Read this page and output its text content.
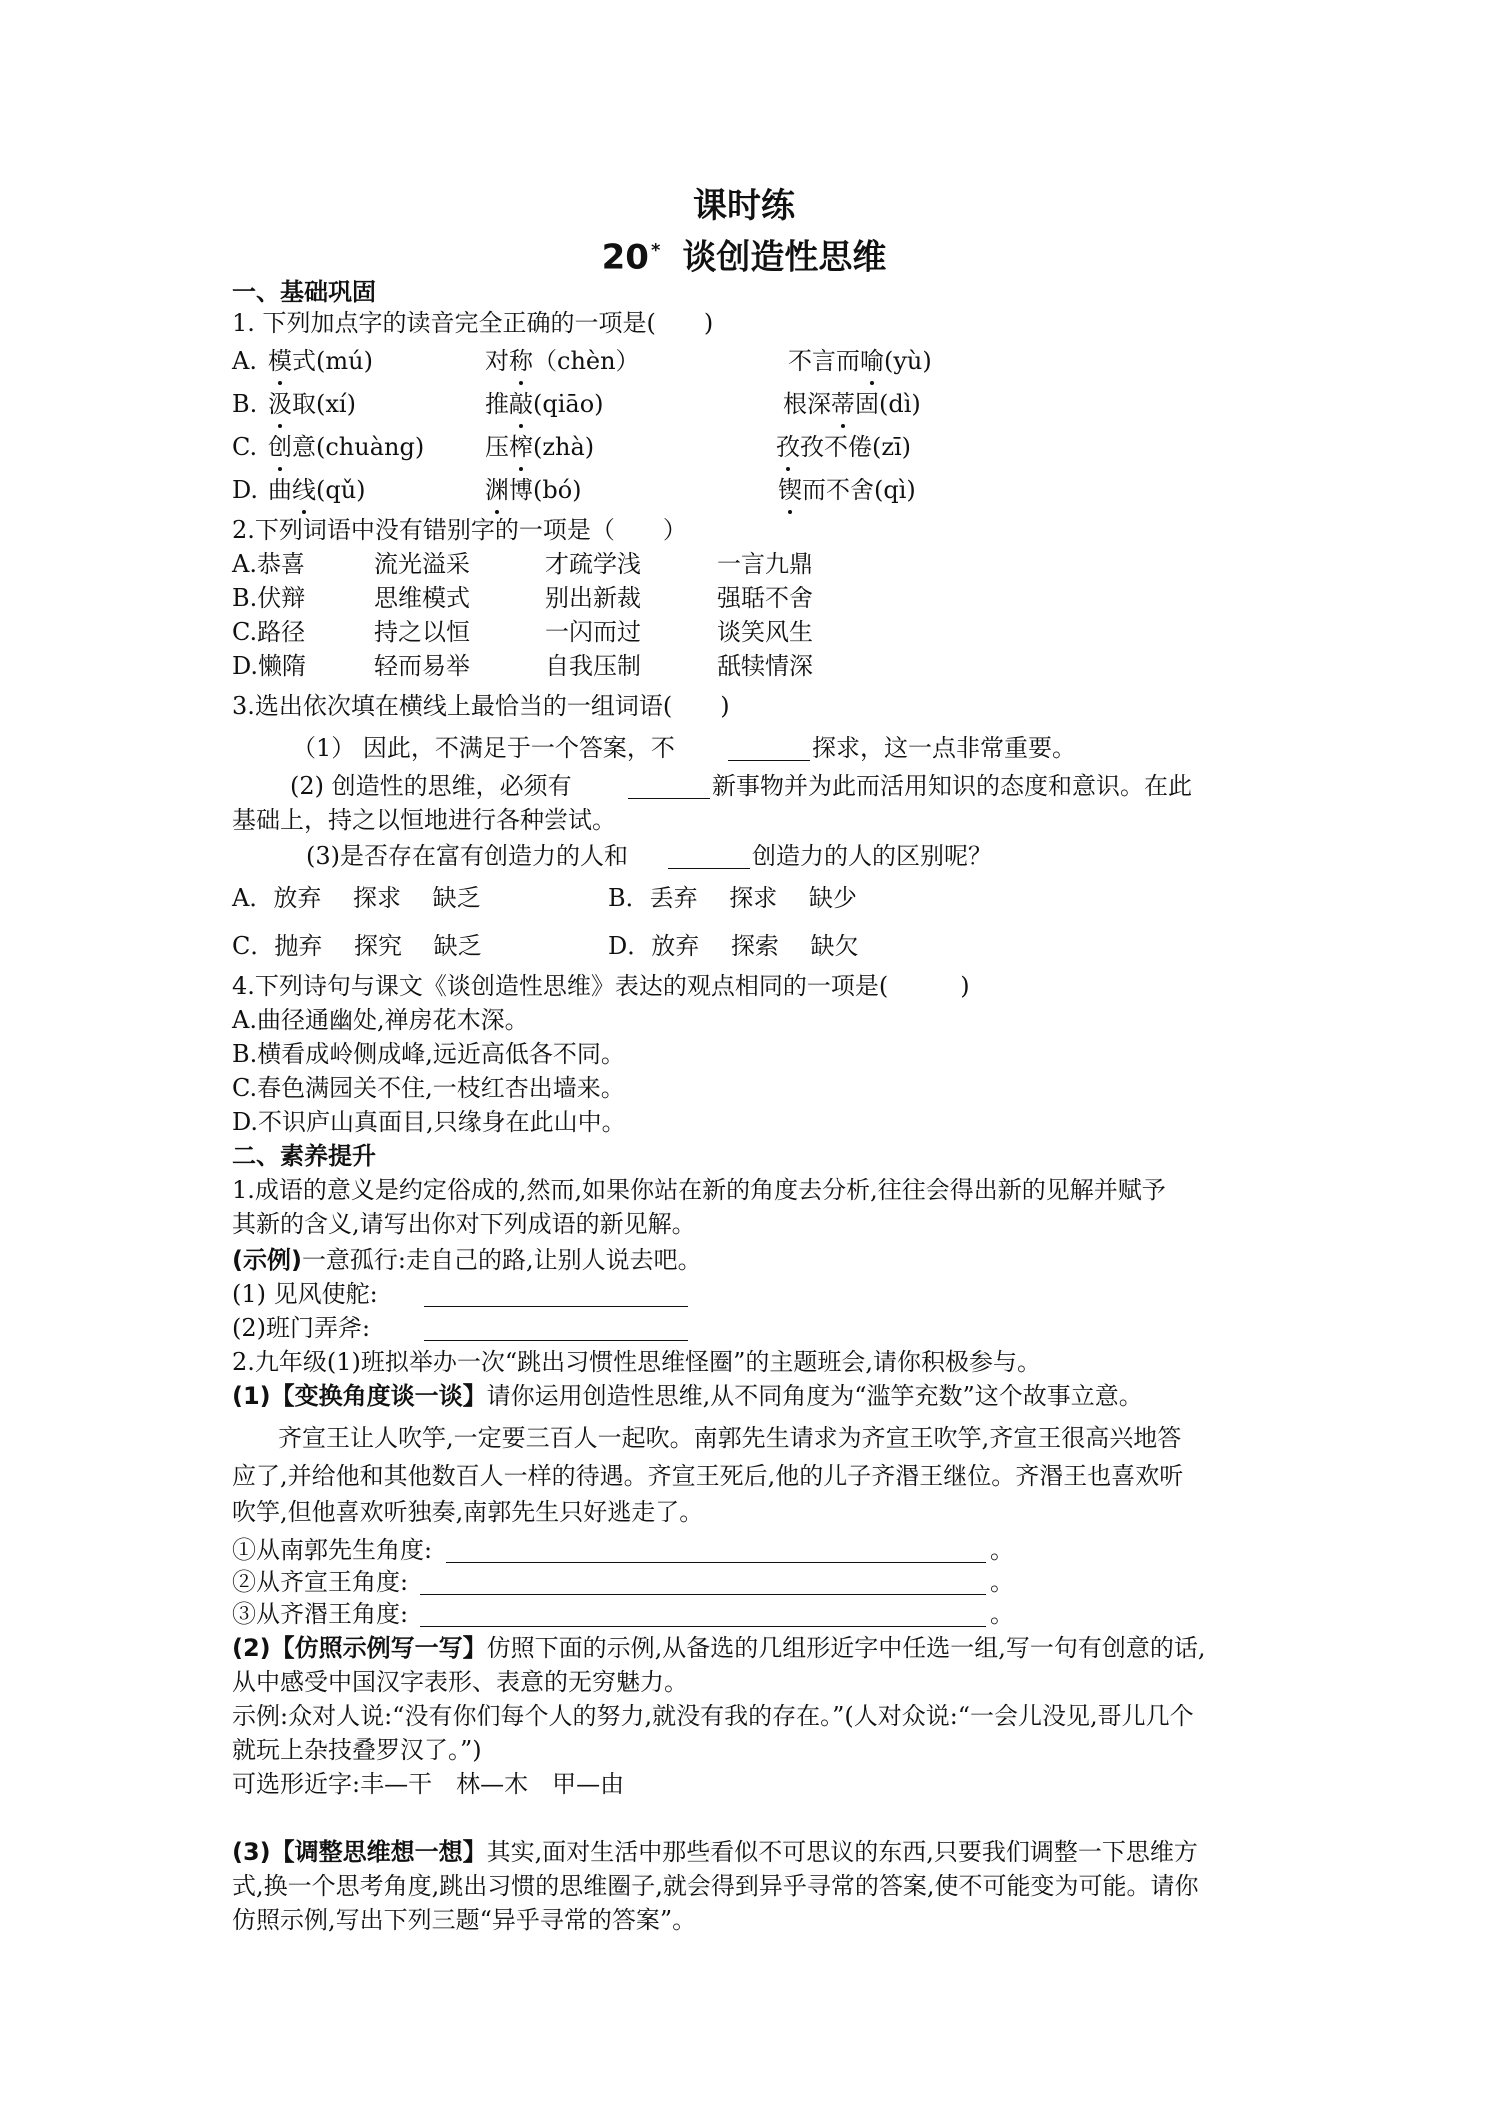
课时练
20 * 谈创造性思维
一、基础巩固
1. 下列加点字的读音完全正确的一项是(　　)
A. 模式(mú)	对称（chèn）	不言而喻(yù)
B. 汲取(xí)	推敲(qiāo)	根深蒂固(dì)
C. 创意(chuàng)	压榨(zhà)	孜孜不倦(zī)
D. 曲线(qǔ)	渊博(bó)	锲而不舍(qì)
2.下列词语中没有错别字的一项是（　　）
A.恭喜	流光溢采	才疏学浅	一言九鼎
B.伏辩	思维模式	别出新裁	强聒不舍
C.路径	持之以恒	一闪而过	谈笑风生
D.懒隋	轻而易举	自我压制	舐犊情深
3.选出依次填在横线上最恰当的一组词语(　　)
（1） 因此，不满足于一个答案，不	探求，这一点非常重要。
(2) 创造性的思维，必须有	新事物并为此而活用知识的态度和意识。在此
基础上，持之以恒地进行各种尝试。
(3)是否存在富有创造力的人和	创造力的人的区别呢？
A．放弃　 探求　 缺乏	B．丢弃　 探求　 缺少
C．抛弃　 探究　 缺乏	D．放弃　 探索　 缺欠
4.下列诗句与课文《谈创造性思维》表达的观点相同的一项是(　　　)
A.曲径通幽处,禅房花木深。
B.横看成岭侧成峰,远近高低各不同。
C.春色满园关不住,一枝红杏出墙来。
D.不识庐山真面目,只缘身在此山中。
二、素养提升
1.成语的意义是约定俗成的,然而,如果你站在新的角度去分析,往往会得出新的见解并赋予
其新的含义,请写出你对下列成语的新见解。
(示例)一意孤行:走自己的路,让别人说去吧。
(1) 见风使舵:
(2)班门弄斧:
2.九年级(1)班拟举办一次“跳出习惯性思维怪圈”的主题班会,请你积极参与。
(1)【变换角度谈一谈】请你运用创造性思维,从不同角度为“滥竽充数”这个故事立意。
齐宣王让人吹竽,一定要三百人一起吹。南郭先生请求为齐宣王吹竽,齐宣王很高兴地答
应了,并给他和其他数百人一样的待遇。齐宣王死后,他的儿子齐湣王继位。齐湣王也喜欢听
吹竽,但他喜欢听独奏,南郭先生只好逃走了。
①从南郭先生角度:	。
②从齐宣王角度:	。
③从齐湣王角度:	。
(2)【仿照示例写一写】仿照下面的示例,从备选的几组形近字中任选一组,写一句有创意的话,
从中感受中国汉字表形、表意的无穷魅力。
示例:众对人说:“没有你们每个人的努力,就没有我的存在。”(人对众说:“一会儿没见,哥儿几个
就玩上杂技叠罗汉了。”)
可选形近字:丰—干　林—木　甲—由
(3)【调整思维想一想】其实,面对生活中那些看似不可思议的东西,只要我们调整一下思维方
式,换一个思考角度,跳出习惯的思维圈子,就会得到异乎寻常的答案,使不可能变为可能。请你
仿照示例,写出下列三题“异乎寻常的答案”。
